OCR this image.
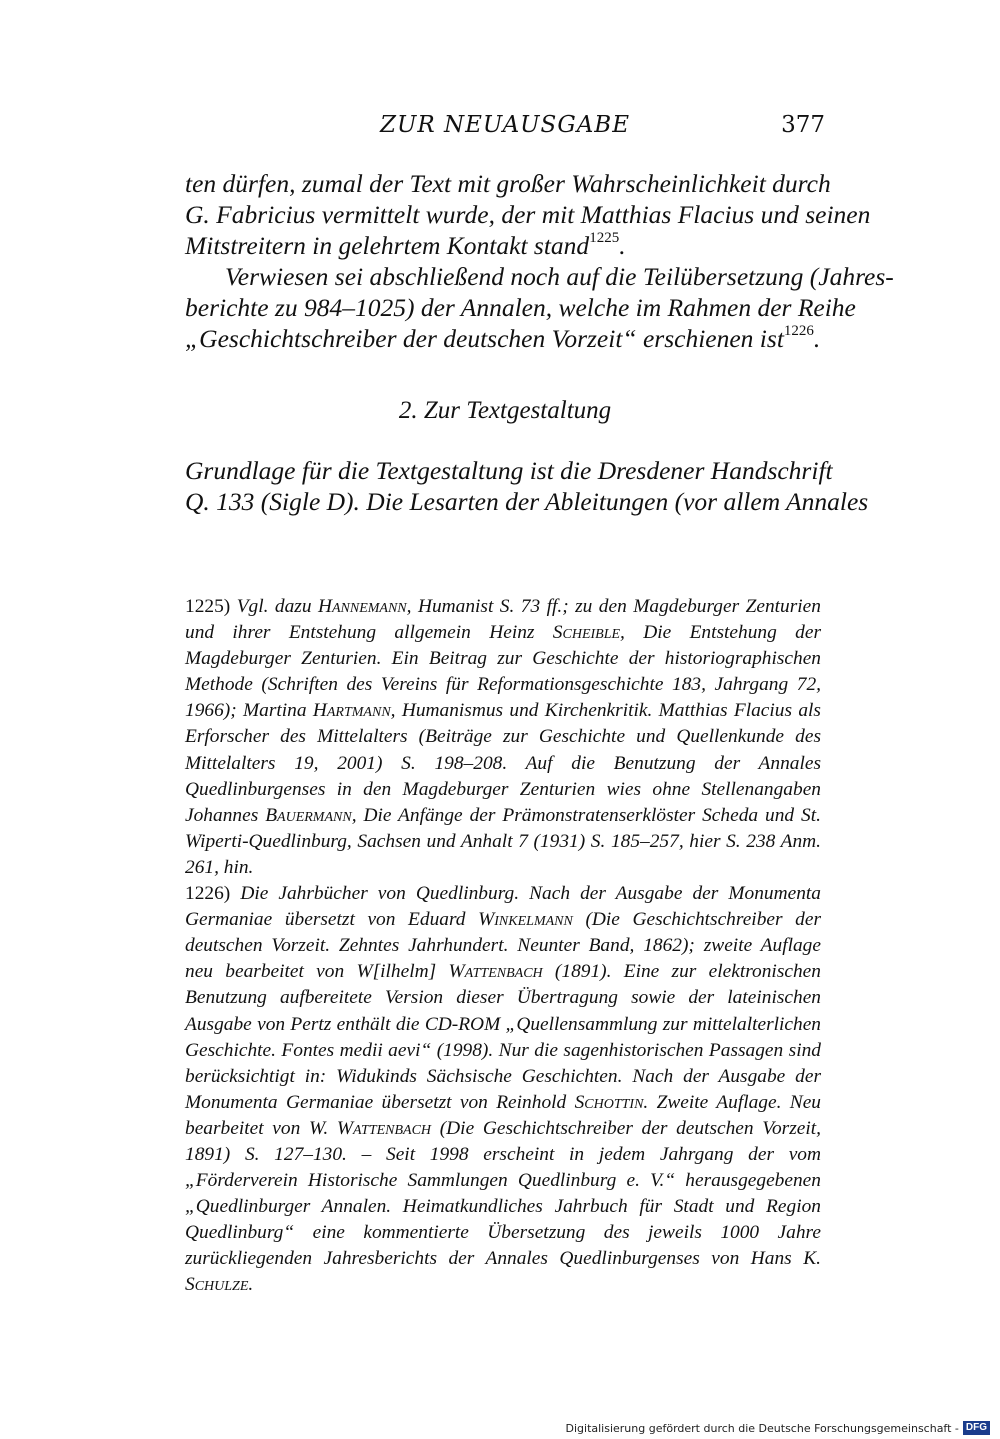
ZUR NEUAUSGABE	377
ten dürfen, zumal der Text mit großer Wahrscheinlichkeit durch
G. Fabricius vermittelt wurde, der mit Matthias Flacius und seinen
Mitstreitern in gelehrtem Kontakt stand$^{1225}$.
Verwiesen sei abschließend noch auf die Teilübersetzung (Jahres-
berichte zu 984–1025) der Annalen, welche im Rahmen der Reihe
„Geschichtschreiber der deutschen Vorzeit“ erschienen ist$^{1226}$.
2. Zur Textgestaltung
Grundlage für die Textgestaltung ist die Dresdener Handschrift
Q. 133 (Sigle D). Die Lesarten der Ableitungen (vor allem Annales

1225) Vgl. dazu Hannemann, Humanist S. 73 ff.; zu den Magdeburger Zenturien und ihrer Entstehung allgemein Heinz Scheible, Die Entstehung der Magdeburger Zenturien. Ein Beitrag zur Geschichte der historiographischen Methode (Schriften des Vereins für Reformationsgeschichte 183, Jahrgang 72, 1966); Martina Hartmann, Humanismus und Kirchenkritik. Matthias Flacius als Erforscher des Mittelalters (Beiträge zur Geschichte und Quellenkunde des Mittelalters 19, 2001) S. 198–208. Auf die Benutzung der Annales Quedlinburgenses in den Magdeburger Zenturien wies ohne Stellenangaben Johannes Bauermann, Die Anfänge der Prämonstratenserklöster Scheda und St. Wiperti-Quedlinburg, Sachsen und Anhalt 7 (1931) S. 185–257, hier S. 238 Anm. 261, hin.

1226) Die Jahrbücher von Quedlinburg. Nach der Ausgabe der Monumenta Germaniae übersetzt von Eduard Winkelmann (Die Geschichtschreiber der deutschen Vorzeit. Zehntes Jahrhundert. Neunter Band, 1862); zweite Auflage neu bearbeitet von W[ilhelm] Wattenbach (1891). Eine zur elektronischen Benutzung aufbereitete Version dieser Übertragung sowie der lateinischen Ausgabe von Pertz enthält die CD-ROM „Quellensammlung zur mittelalterlichen Geschichte. Fontes medii aevi“ (1998). Nur die sagenhistorischen Passagen sind berücksichtigt in: Widukinds Sächsische Geschichten. Nach der Ausgabe der Monumenta Germaniae übersetzt von Reinhold Schottin. Zweite Auflage. Neu bearbeitet von W. Wattenbach (Die Geschichtschreiber der deutschen Vorzeit, 1891) S. 127–130. – Seit 1998 erscheint in jedem Jahrgang der vom „Förderverein Historische Sammlungen Quedlinburg e. V.“ herausgegebenen „Quedlinburger Annalen. Heimatkundliches Jahrbuch für Stadt und Region Quedlinburg“ eine kommentierte Übersetzung des jeweils 1000 Jahre zurückliegenden Jahresberichts der Annales Quedlinburgenses von Hans K. Schulze.

Digitalisierung gefördert durch die Deutsche Forschungsgemeinschaft - DFG
